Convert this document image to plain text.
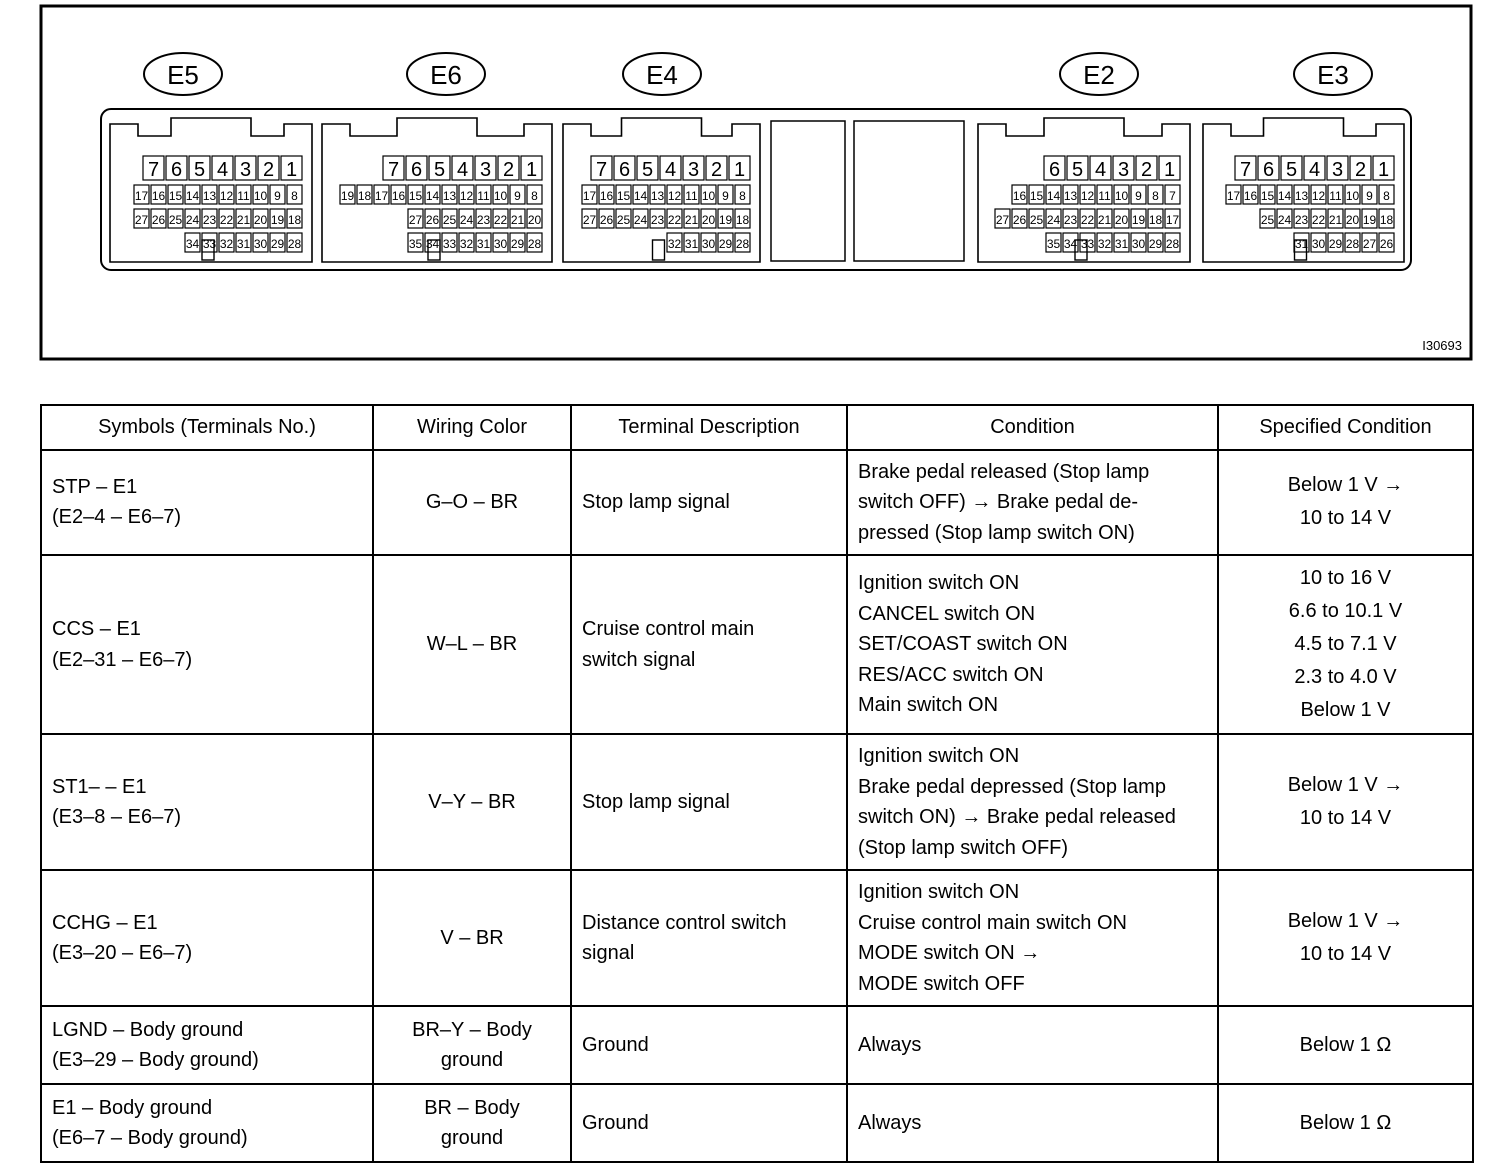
E5
7 6 5 4 3 2 1
17 16 15 14 13 12 11 10 9 8
27 26 25 24 23 22 21 20 19 18
34 33 32 31 30 29 28
E6
7 6 5 4 3 2 1
19 18 17 16 15 14 13 12 11 10 9 8
27 26 25 24 23 22 21 20
35 34 33 32 31 30 29 28
E4
7 6 5 4 3 2 1
17 16 15 14 13 12 11 10 9 8
27 26 25 24 23 22 21 20 19 18
32 31 30 29 28
E2
6 5 4 3 2 1
16 15 14 13 12 11 10 9 8 7
27 26 25 24 23 22 21 20 19 18 17
35 34 33 32 31 30 29 28
E3
7 6 5 4 3 2 1
17 16 15 14 13 12 11 10 9 8
25 24 23 22 21 20 19 18
31 30 29 28 27 26
I30693
Symbols (Terminals No.)	Wiring Color	Terminal Description	Condition	Specified Condition

STP – E1
(E2–4 – E6–7)	G–O – BR	Stop lamp signal	Brake pedal released (Stop lamp
switch OFF) → Brake pedal de-
pressed (Stop lamp switch ON)	Below 1 V →
10 to 14 V

CCS – E1
(E2–31 – E6–7)	W–L – BR	Cruise control main
switch signal	Ignition switch ON
CANCEL switch ON
SET/COAST switch ON
RES/ACC switch ON
Main switch ON	10 to 16 V
6.6 to 10.1 V
4.5 to 7.1 V
2.3 to 4.0 V
Below 1 V

ST1– – E1
(E3–8 – E6–7)	V–Y – BR	Stop lamp signal	Ignition switch ON
Brake pedal depressed (Stop lamp
switch ON) → Brake pedal released
(Stop lamp switch OFF)	Below 1 V →
10 to 14 V

CCHG – E1
(E3–20 – E6–7)	V – BR	Distance control switch
signal	Ignition switch ON
Cruise control main switch ON
MODE switch ON →
MODE switch OFF	Below 1 V →
10 to 14 V

LGND – Body ground
(E3–29 – Body ground)	BR–Y – Body
ground	Ground	Always	Below 1 Ω

E1 – Body ground
(E6–7 – Body ground)	BR – Body
ground	Ground	Always	Below 1 Ω
